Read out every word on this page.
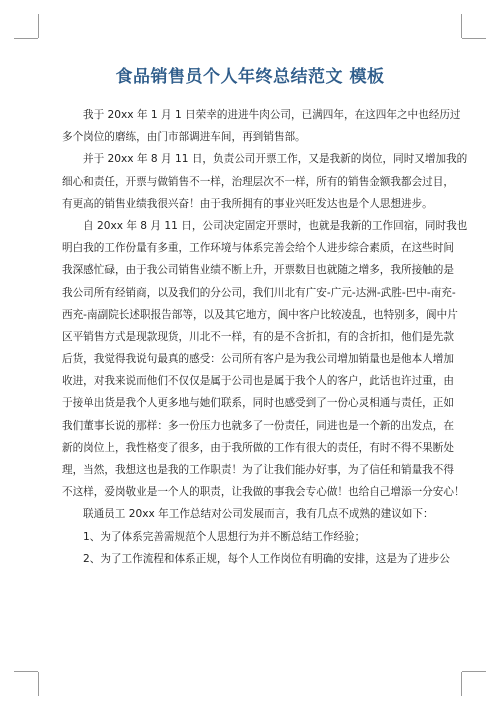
食品销售员个人年终总结范文 模板
我于 20xx 年 1 月 1 日荣幸的进进牛肉公司，已满四年，在这四年之中也经历过
多个岗位的磨练，由门市部调进车间，再到销售部。
并于 20xx 年 8 月 11 日，负责公司开票工作，又是我新的岗位，同时又增加我的
细心和责任，开票与做销售不一样，治理层次不一样，所有的销售金额我都会过目，
有更高的销售业绩我很兴奋！由于我所拥有的事业兴旺发达也是个人思想进步。
自 20xx 年 8 月 11 日，公司决定固定开票时，也就是我新的工作回宿，同时我也
明白我的工作份量有多重，工作环境与体系完善会给个人进步综合素质，在这些时间
我深感忙碌，由于我公司销售业绩不断上升，开票数目也就随之增多，我所接触的是
我公司所有经销商，以及我们的分公司，我们川北有广安-广元-达洲-武胜-巴中-南充-
西充-南副院长述职报告部等，以及其它地方，阆中客户比较凌乱，也特别多，阆中片
区平销售方式是现款现货，川北不一样，有的是不含折扣，有的含折扣，他们是先款
后货，我觉得我说句最真的感受：公司所有客户是为我公司增加销量也是他本人增加
收进，对我来说而他们不仅仅是属于公司也是属于我个人的客户，此话也许过重，由
于接单出货是我个人更多地与她们联系，同时也感受到了一份心灵相通与责任，正如
我们董事长说的那样：多一份压力也就多了一份责任，同进也是一个新的出发点，在
新的岗位上，我性格变了很多，由于我所做的工作有很大的责任，有时不得不果断处
理，当然，我想这也是我的工作职责！为了让我们能办好事，为了信任和销量我不得
不这样，爱岗敬业是一个人的职责，让我做的事我会专心做！也给自己增添一分安心！
联通员工 20xx 年工作总结对公司发展而言，我有几点不成熟的建议如下：
1、为了体系完善需规范个人思想行为并不断总结工作经验；
2、为了工作流程和体系正规，每个人工作岗位有明确的安排，这是为了进步公
